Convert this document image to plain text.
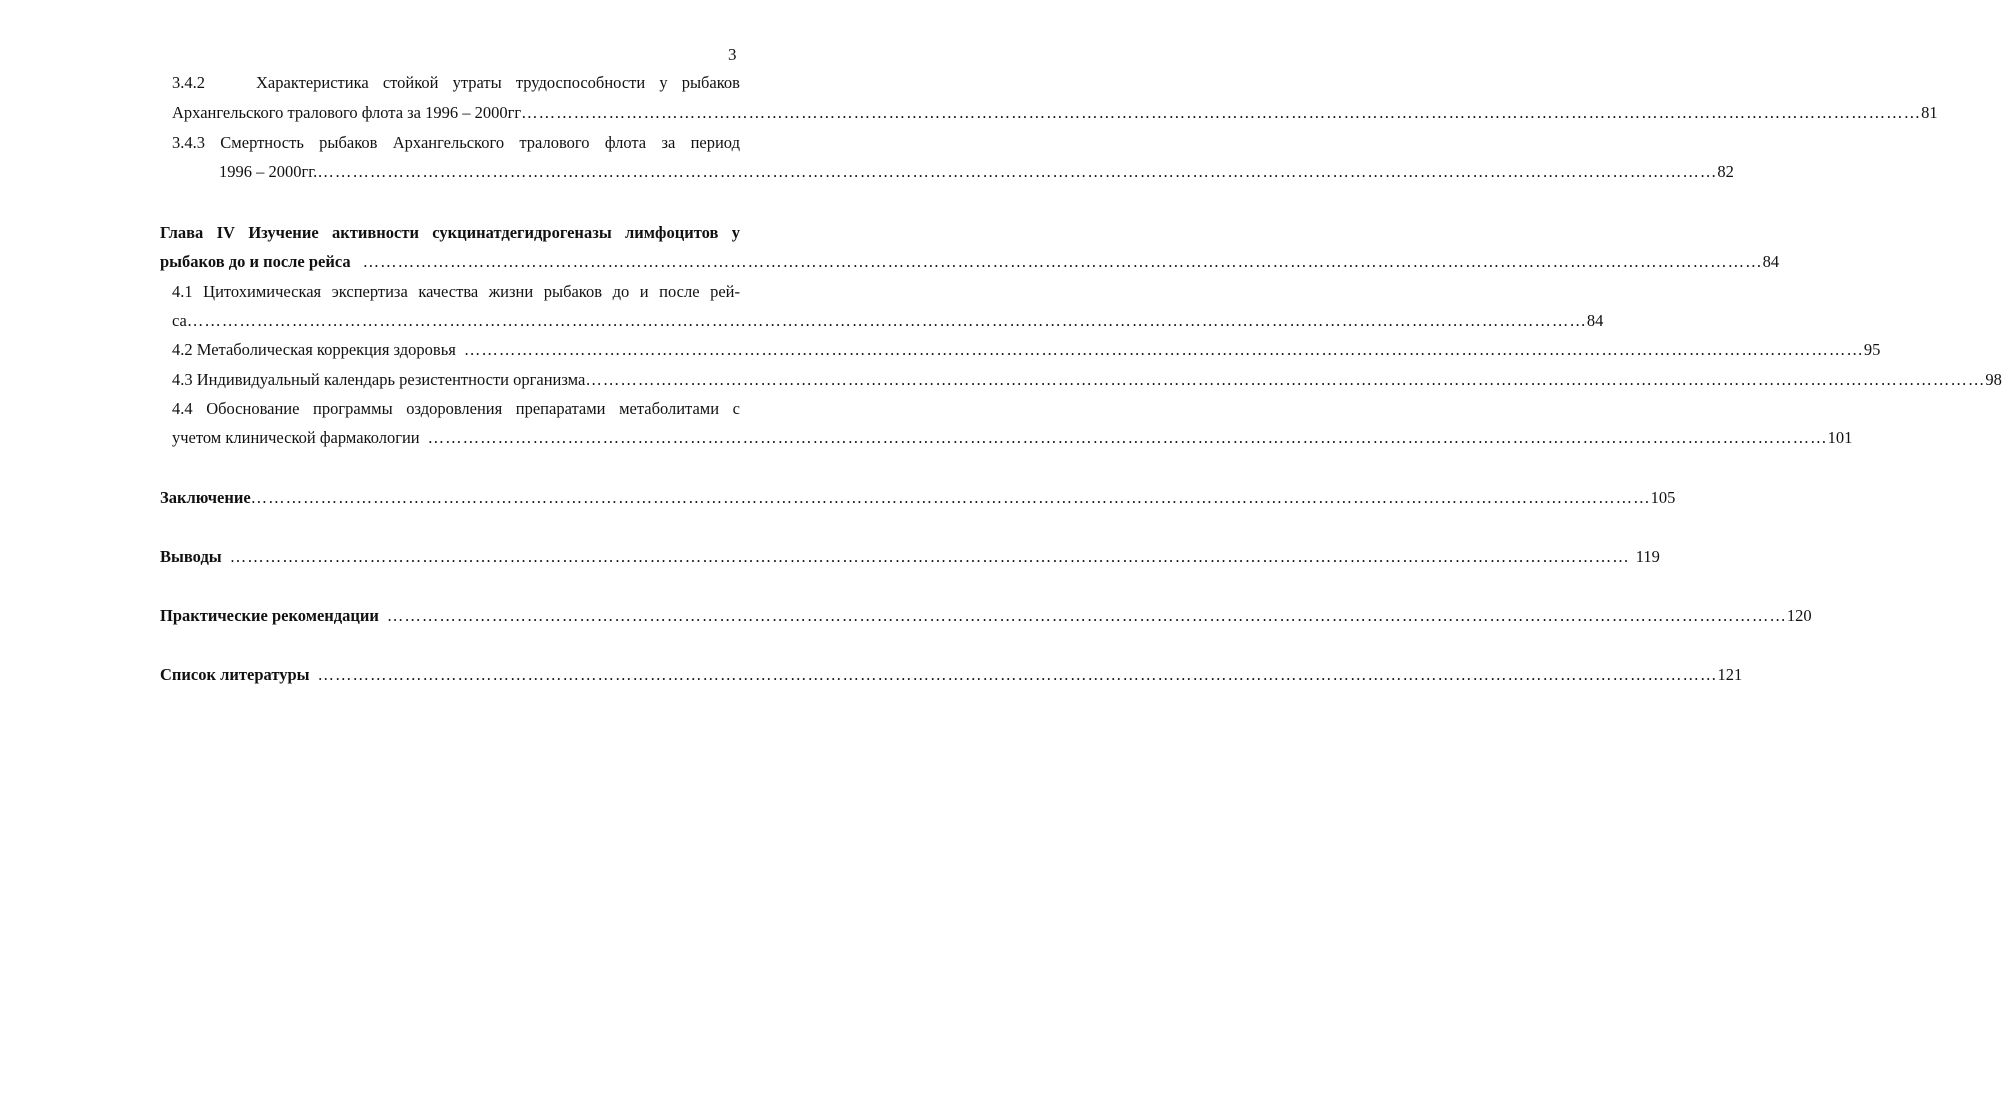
3
3.4.2	Характеристика стойкой утраты трудоспособности у рыбаков
Архангельского тралового флота за 1996 – 2000гг …………………………………………………………………………………………………………………………………………………………………………………………………………………… 81
3.4.3 Смертность рыбаков Архангельского тралового флота за период
1996 – 2000гг. …………………………………………………………………………………………………………………………………………………………………………………………………………………… 82
Глава IV Изучение активности сукцинатдегидрогеназы лимфоцитов у
рыбаков до и после рейса …………………………………………………………………………………………………………………………………………………………………………………………………………………… 84
4.1 Цитохимическая экспертиза качества жизни рыбаков до и после рей-
са …………………………………………………………………………………………………………………………………………………………………………………………………………………… 84
4.2 Метаболическая коррекция здоровья …………………………………………………………………………………………………………………………………………………………………………………………………………………… 95
4.3 Индивидуальный календарь резистентности организма …………………………………………………………………………………………………………………………………………………………………………………………………………………… 98
4.4 Обоснование программы оздоровления препаратами метаболитами с
учетом клинической фармакологии …………………………………………………………………………………………………………………………………………………………………………………………………………………… 101
Заключение …………………………………………………………………………………………………………………………………………………………………………………………………………………… 105
Выводы …………………………………………………………………………………………………………………………………………………………………………………………………………………… 119
Практические рекомендации …………………………………………………………………………………………………………………………………………………………………………………………………………………… 120
Список литературы …………………………………………………………………………………………………………………………………………………………………………………………………………………… 121
